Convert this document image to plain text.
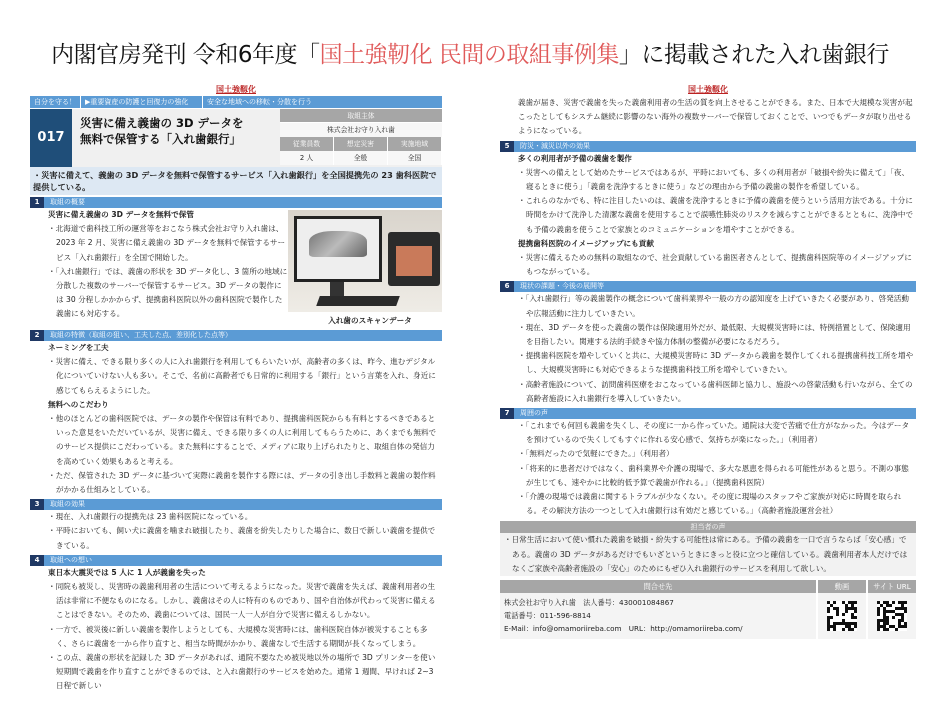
内閣官房発刊 令和6年度「国土強靭化 民間の取組事例集」に掲載された入れ歯銀行
国土強靱化
自分を守る！	▶重要資産の防護と回復力の強化	安全な地域への移転・分散を行う
017
災害に備え義歯の 3D データを
無料で保管する「入れ歯銀行」
取組主体
株式会社お守り入れ歯
従業員数	想定災害	実施地域
2 人	全般	全国
・災害に備えて、義歯の 3D データを無料で保管するサービス「入れ歯銀行」を全国提携先の 23 歯科医院で提供している。
1	取組の概要
災害に備え義歯の 3D データを無料で保管
・北海道で歯科技工所の運営等をおこなう株式会社お守り入れ歯は、2023 年 2 月、災害に備え義歯の 3D データを無料で保管するサービス「入れ歯銀行」を全国で開始した。
・「入れ歯銀行」では、義歯の形状を 3D データ化し、3 箇所の地域に分散した複数のサーバーで保管するサービス。3D データの製作には 30 分程しかかからず、提携歯科医院以外の歯科医院で製作した義歯にも対応する。
入れ歯のスキャンデータ
2	取組の特徴（取組の狙い、工夫した点、差別化した点等）
ネーミングを工夫
・災害に備え、できる限り多くの人に入れ歯銀行を利用してもらいたいが、高齢者の多くは、昨今、進むデジタル化についていけない人も多い。そこで、名前に高齢者でも日常的に利用する「銀行」という言葉を入れ、身近に感じてもらえるようにした。
無料へのこだわり
・他のほとんどの歯科医院では、データの製作や保管は有料であり、提携歯科医院からも有料とするべきであるといった意見をいただいているが、災害に備え、できる限り多くの人に利用してもらうために、あくまでも無料でのサービス提供にこだわっている。また無料にすることで、メディアに取り上げられたりと、取組自体の発信力を高めていく効果もあると考える。
・ただ、保管された 3D データに基づいて実際に義歯を製作する際には、データの引き出し手数料と義歯の製作料がかかる仕組みとしている。
3	取組の効果
・現在、入れ歯銀行の提携先は 23 歯科医院になっている。
・平時においても、飼い犬に義歯を噛まれ破損したり、義歯を紛失したりした場合に、数日で新しい義歯を提供できている。
4	取組への想い
東日本大震災では 5 人に 1 人が義歯を失った
・同院も被災し、災害時の義歯利用者の生活について考えるようになった。災害で義歯を失えば、義歯利用者の生活は非常に不便なものになる。しかし、義歯はその人に特有のものであり、国や自治体が代わって災害に備えることはできない。そのため、義歯については、国民一人一人が自分で災害に備えるしかない。
・一方で、被災後に新しい義歯を製作しようとしても、大規模な災害時には、歯科医院自体が被災することも多く、さらに義歯を一から作り直すと、相当な時間がかかり、義歯なしで生活する期間が長くなってしまう。
・この点、義歯の形状を記録した 3D データがあれば、通院不要なため被災地以外の場所で 3D プリンターを使い短期間で義歯を作り直すことができるのでは、と入れ歯銀行のサービスを始めた。通常 1 週間、早ければ 2~3 日程で新しい
国土強靱化
義歯が届き、災害で義歯を失った義歯利用者の生活の質を向上させることができる。また、日本で大規模な災害が起こったとしてもシステム継続に影響のない海外の複数サーバーで保管しておくことで、いつでもデータが取り出せるようになっている。
5	防災・減災以外の効果
多くの利用者が予備の義歯を製作
・災害への備えとして始めたサービスではあるが、平時においても、多くの利用者が「破損や紛失に備えて」「夜、寝るときに使う」「義歯を洗浄するときに使う」などの理由から予備の義歯の製作を希望している。
・これらのなかでも、特に注目したいのは、義歯を洗浄するときに予備の義歯を使うという活用方法である。十分に時間をかけて洗浄した清潔な義歯を使用することで誤嚥性肺炎のリスクを減らすことができるとともに、洗浄中でも予備の義歯を使うことで家族とのコミュニケーションを増やすことができる。
提携歯科医院のイメージアップにも貢献
・災害に備えるための無料の取組なので、社会貢献している歯医者さんとして、提携歯科医院等のイメージアップにもつながっている。
6	現状の課題・今後の展開等
・「入れ歯銀行」等の義歯製作の概念について歯科業界や一般の方の認知度を上げていきたく必要があり、啓発活動や広報活動に注力していきたい。
・現在、3D データを使った義歯の製作は保険適用外だが、最低限、大規模災害時には、特例措置として、保険適用を目指したい。関連する法的手続きや協力体制の整備が必要になるだろう。
・提携歯科医院を増やしていくと共に、大規模災害時に 3D データから義歯を製作してくれる提携歯科技工所を増やし、大規模災害時にも対応できるような提携歯科技工所を増やしていきたい。
・高齢者施設について、訪問歯科医療をおこなっている歯科医師と協力し、施設への啓蒙活動も行いながら、全ての高齢者施設に入れ歯銀行を導入していきたい。
7	周囲の声
・「これまでも何回も義歯を失くし、その度に一から作っていた。通院は大変で苦痛で仕方がなかった。今はデータを預けているので失くしてもすぐに作れる安心感で、気持ちが楽になった。」（利用者）
・「無料だったので気軽にできた。」（利用者）
・「将来的に患者だけではなく、歯科業界や介護の現場で、多大な恩恵を得られる可能性があると思う。不測の事態が生じても、速やかに比較的低予算で義歯が作れる。」（提携歯科医院）
・「介護の現場では義歯に関するトラブルが少なくない。その度に現場のスタッフやご家族が対応に時間を取られる。その解決方法の一つとして入れ歯銀行は有効だと感じている。」（高齢者施設運営会社）
担当者の声
・日常生活において使い慣れた義歯を破損・紛失する可能性は常にある。予備の義歯を一口で言うならば「安心感」である。義歯の 3D データがあるだけでもいざというときにきっと役に立つと確信している。義歯利用者本人だけではなくご家族や高齢者施設の「安心」のためにもぜひ入れ歯銀行のサービスを利用して欲しい。
問合せ先
株式会社お守り入れ歯　法人番号：430001084867
電話番号：011-596-8814
E-Mail：info@omamoriireba.com　URL：http://omamoriireba.com/
動画	サイト URL
